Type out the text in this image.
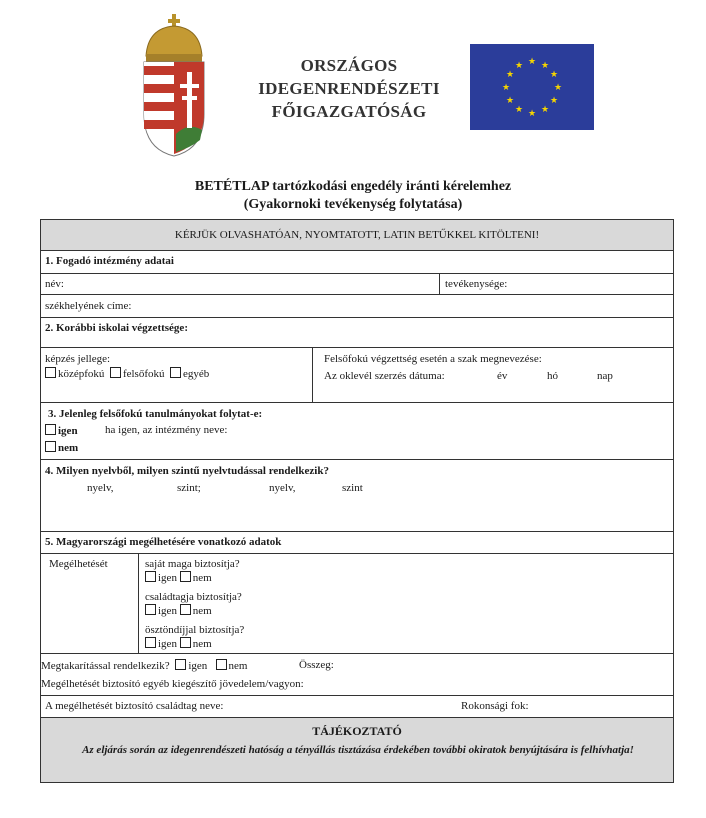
ORSZÁGOS
IDEGENRENDÉSZETI
FŐIGAZGATÓSÁG
★ ★
★
★
★
★
★
★
★
★
★
★
BETÉTLAP tartózkodási engedély iránti kérelemhez
(Gyakornoki tevékenység folytatása)
KÉRJÜK OLVASHATÓAN, NYOMTATOTT, LATIN BETŰKKEL KITÖLTENI!
1. Fogadó intézmény adatai
név:	tevékenysége:
székhelyének címe:
2. Korábbi iskolai végzettsége:
képzés jellege:
középfokú felsőfokú egyéb
Felsőfokú végzettség esetén a szak megnevezése:
Az oklevél szerzés dátuma:	év	hó	nap
3. Jelenleg felsőfokú tanulmányokat folytat-e:
igen ha igen, az intézmény neve:
nem
4. Milyen nyelvből, milyen szintű nyelvtudással rendelkezik?
nyelv,	szint;	nyelv,	szint
5. Magyarországi megélhetésére vonatkozó adatok
Megélhetését	saját maga biztosítja?
igen nem
családtagja biztosítja?
igen nem
ösztöndíjjal biztosítja?
igen nem
Megtakarítással rendelkezik? igen nem	Összeg:
Megélhetését biztosító egyéb kiegészítő jövedelem/vagyon:
A megélhetését biztosító családtag neve:	Rokonsági fok:
TÁJÉKOZTATÓ
Az eljárás során az idegenrendészeti hatóság a tényállás tisztázása érdekében további okiratok benyújtására is felhívhatja!
